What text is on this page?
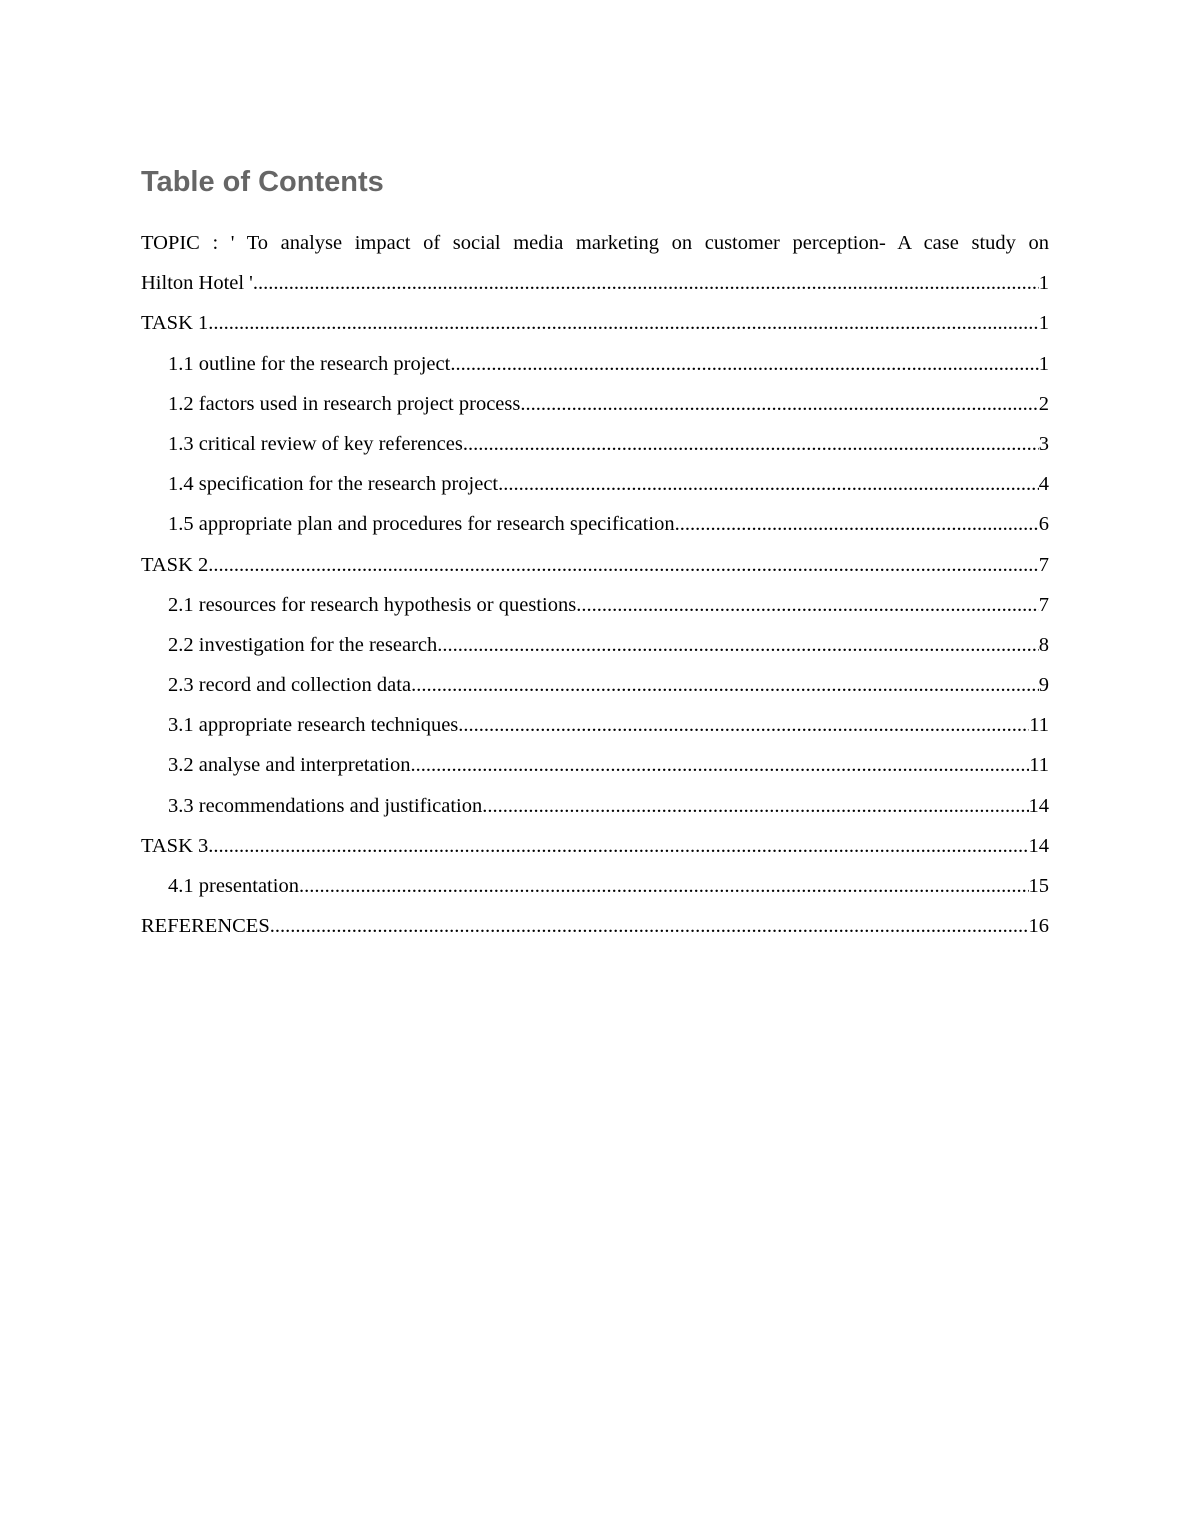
Table of Contents
TOPIC : ' To analyse impact of social media marketing on customer perception- A case study on
Hilton Hotel ' .....	1
TASK 1 .....	1
1.1 outline for the research project .....	1
1.2 factors used in research project process .....	2
1.3 critical review of key references .....	3
1.4 specification for the research project .....	4
1.5 appropriate plan and procedures for research specification .....	6
TASK 2 .....	7
2.1 resources for research hypothesis or questions .....	7
2.2 investigation for the research .....	8
2.3 record and collection data .....	9
3.1 appropriate research techniques .....	11
3.2 analyse and interpretation .....	11
3.3 recommendations and justification .....	14
TASK 3 .....	14
4.1 presentation .....	15
REFERENCES .....	16
